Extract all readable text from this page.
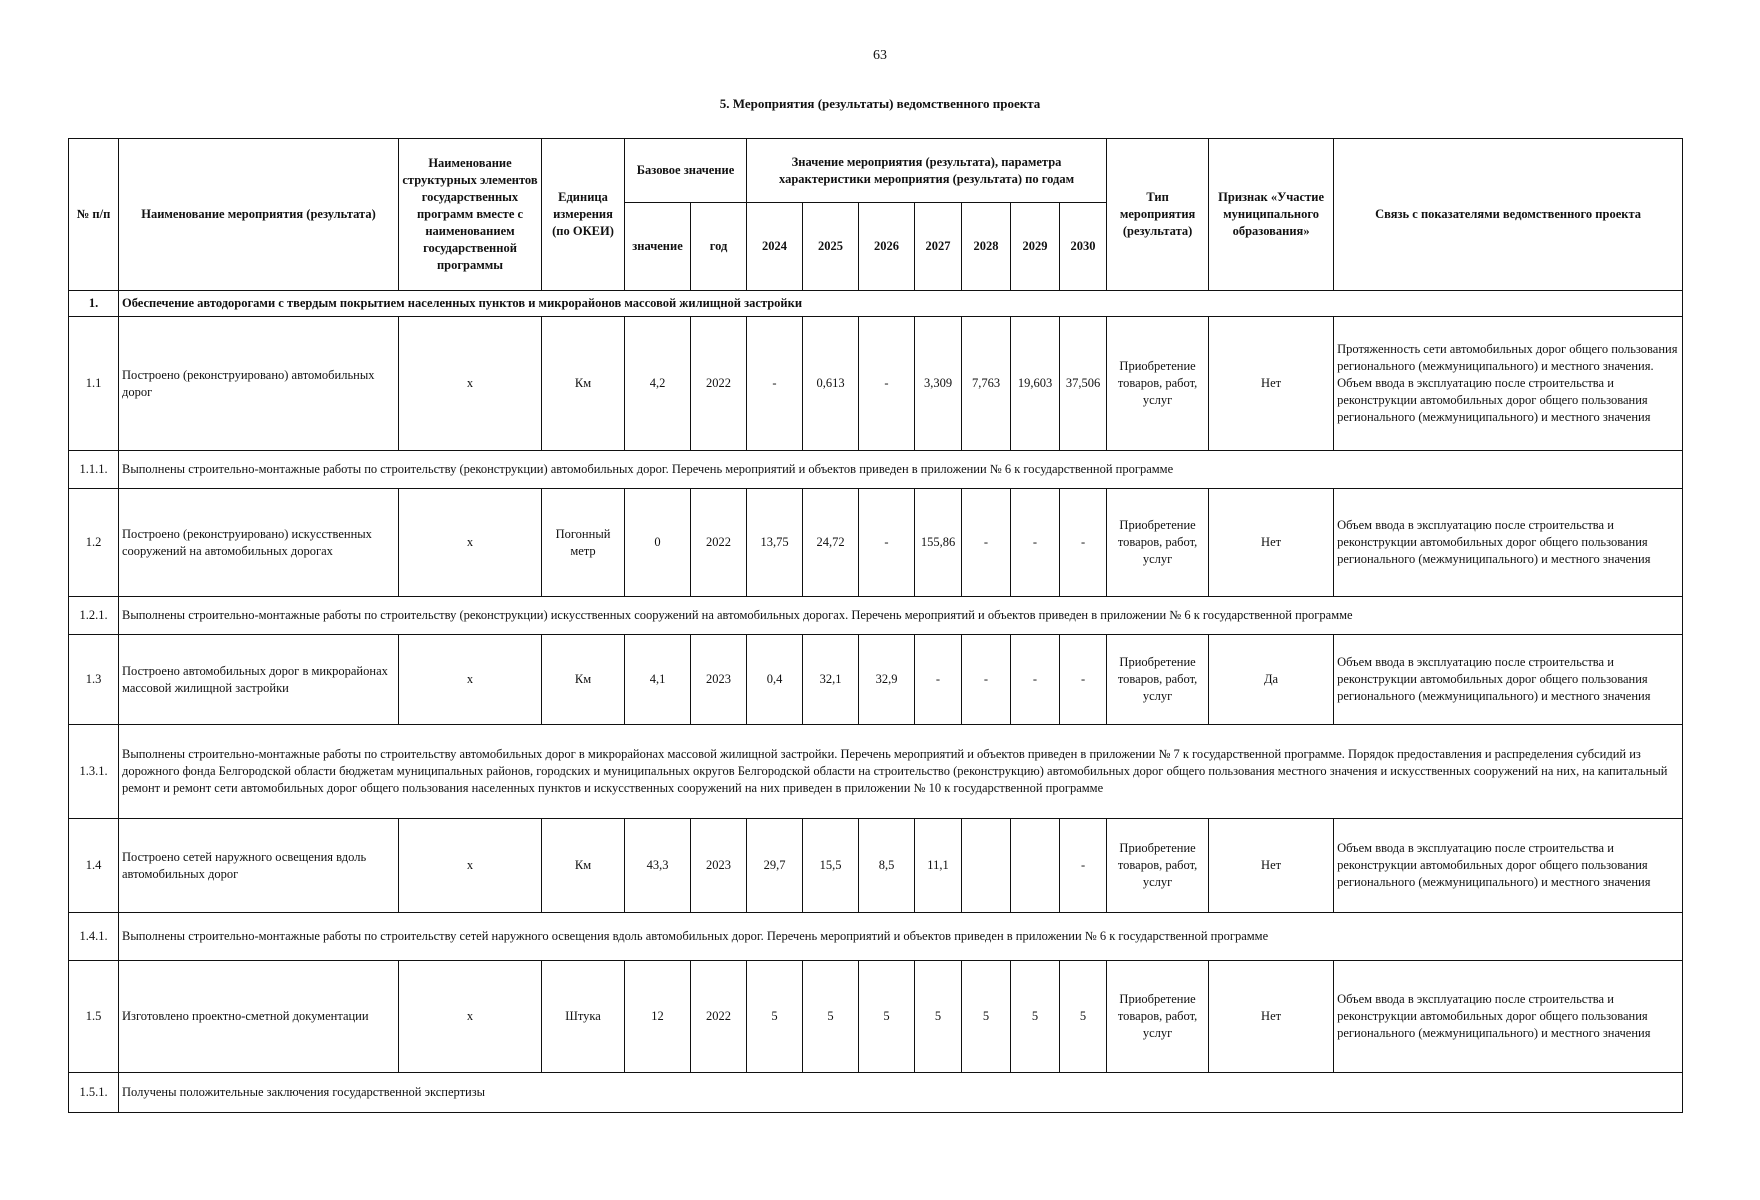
63
5. Мероприятия (результаты) ведомственного проекта
№ п/п	Наименование мероприятия (результата)	Наименование структурных элементов государственных программ вместе с наименованием государственной программы	Единица измерения (по ОКЕИ)	Базовое значение		Значение мероприятия (результата), параметра характеристики мероприятия (результата) по годам							Тип мероприятия (результата)	Признак «Участие муниципального образования»	Связь с показателями ведомственного проекта
				значение	год	2024	2025	2026	2027	2028	2029	2030			
1.	Обеспечение автодорогами с твердым покрытием населенных пунктов и микрорайонов массовой жилищной застройки														
1.1	Построено (реконструировано) автомобильных дорог	х	Км	4,2	2022	-	0,613	-	3,309	7,763	19,603	37,506	Приобретение товаров, работ, услуг	Нет	Протяженность сети автомобильных дорог общего пользования регионального (межмуниципального) и местного значения. Объем ввода в эксплуатацию после строительства и реконструкции автомобильных дорог общего пользования регионального (межмуниципального) и местного значения
1.1.1.	Выполнены строительно-монтажные работы по строительству (реконструкции) автомобильных дорог. Перечень мероприятий и объектов приведен в приложении № 6 к государственной программе														
1.2	Построено (реконструировано) искусственных сооружений на автомобильных дорогах	х	Погонный метр	0	2022	13,75	24,72	-	155,86	-	-	-	Приобретение товаров, работ, услуг	Нет	Объем ввода в эксплуатацию после строительства и реконструкции автомобильных дорог общего пользования регионального (межмуниципального) и местного значения
1.2.1.	Выполнены строительно-монтажные работы по строительству (реконструкции) искусственных сооружений на автомобильных дорогах. Перечень мероприятий и объектов приведен в приложении № 6 к государственной программе														
1.3	Построено автомобильных дорог в микрорайонах массовой жилищной застройки	х	Км	4,1	2023	0,4	32,1	32,9	-	-	-	-	Приобретение товаров, работ, услуг	Да	Объем ввода в эксплуатацию после строительства и реконструкции автомобильных дорог общего пользования регионального (межмуниципального) и местного значения
1.3.1.	Выполнены строительно-монтажные работы по строительству автомобильных дорог в микрорайонах массовой жилищной застройки. Перечень мероприятий и объектов приведен в приложении № 7 к государственной программе. Порядок предоставления и распределения субсидий из дорожного фонда Белгородской области бюджетам муниципальных районов, городских и муниципальных округов Белгородской области на строительство (реконструкцию) автомобильных дорог общего пользования местного значения и искусственных сооружений на них, на капитальный ремонт и ремонт сети автомобильных дорог общего пользования населенных пунктов и искусственных сооружений на них приведен в приложении № 10 к государственной программе														
1.4	Построено сетей наружного освещения вдоль автомобильных дорог	х	Км	43,3	2023	29,7	15,5	8,5	11,1			-	Приобретение товаров, работ, услуг	Нет	Объем ввода в эксплуатацию после строительства и реконструкции автомобильных дорог общего пользования регионального (межмуниципального) и местного значения
1.4.1.	Выполнены строительно-монтажные работы по строительству сетей наружного освещения вдоль автомобильных дорог. Перечень мероприятий и объектов приведен в приложении № 6 к государственной программе														
1.5	Изготовлено проектно-сметной документации	х	Штука	12	2022	5	5	5	5	5	5	5	Приобретение товаров, работ, услуг	Нет	Объем ввода в эксплуатацию после строительства и реконструкции автомобильных дорог общего пользования регионального (межмуниципального) и местного значения
1.5.1.	Получены положительные заключения государственной экспертизы														
